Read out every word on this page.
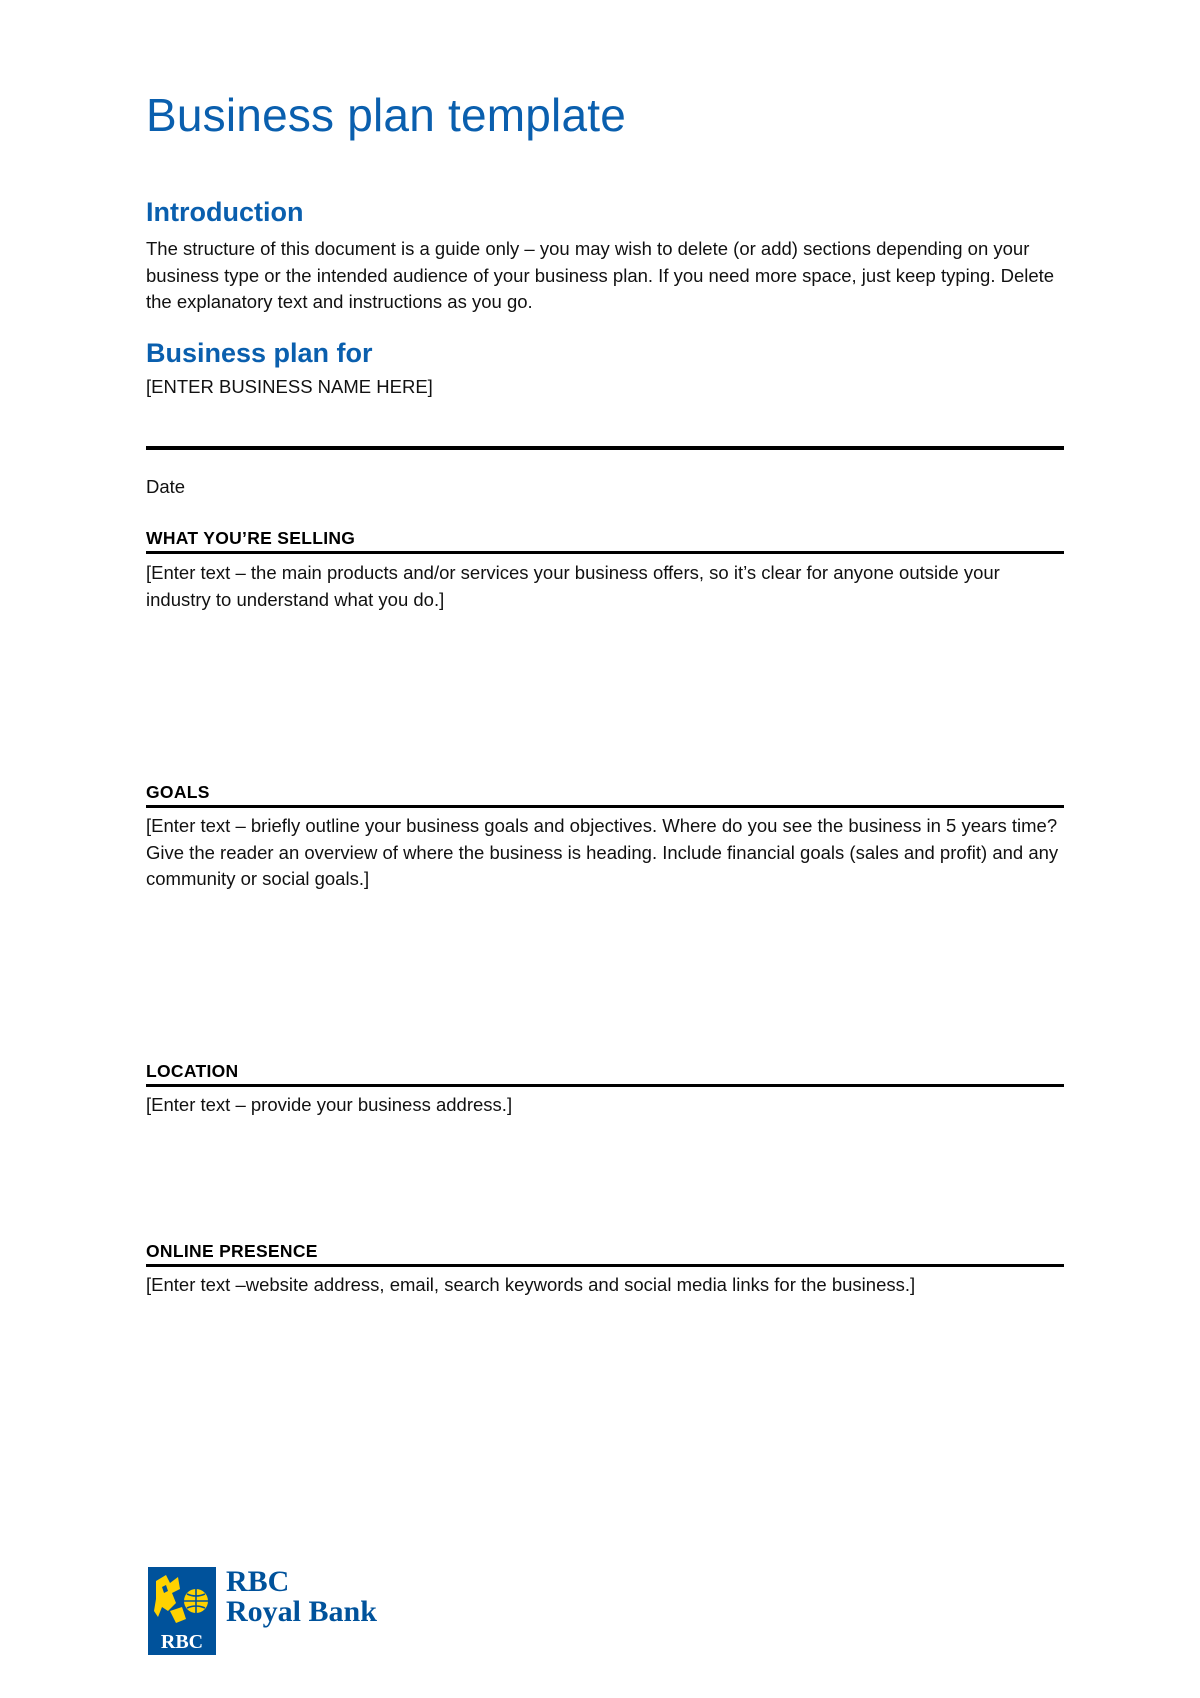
Business plan template
Introduction

The structure of this document is a guide only – you may wish to delete (or add) sections depending on your business type or the intended audience of your business plan. If you need more space, just keep typing. Delete the explanatory text and instructions as you go.

Business plan for

[ENTER BUSINESS NAME HERE]

Date

WHAT YOU’RE SELLING

[Enter text – the main products and/or services your business offers, so it’s clear for anyone outside your industry to understand what you do.]

GOALS

[Enter text – briefly outline your business goals and objectives. Where do you see the business in 5 years time? Give the reader an overview of where the business is heading. Include financial goals (sales and profit) and any community or social goals.]

LOCATION

[Enter text – provide your business address.]

ONLINE PRESENCE

[Enter text –website address, email, search keywords and social media links for the business.]

RBC
RBC
Royal Bank
